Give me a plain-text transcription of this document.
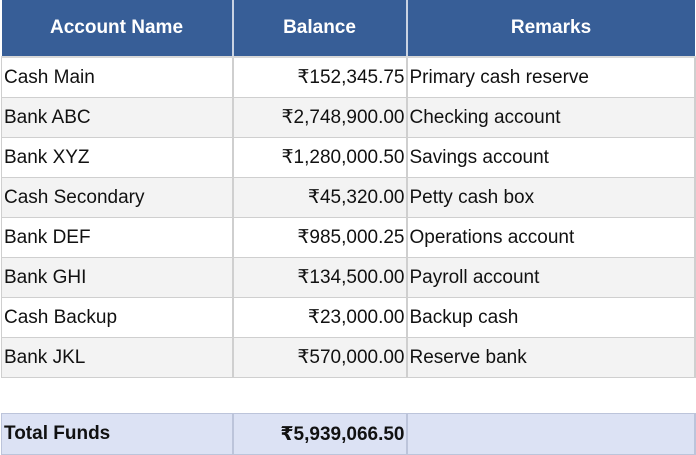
Account Name	Balance	Remarks
Cash Main	₹152,345.75	Primary cash reserve
Bank ABC	₹2,748,900.00	Checking account
Bank XYZ	₹1,280,000.50	Savings account
Cash Secondary	₹45,320.00	Petty cash box
Bank DEF	₹985,000.25	Operations account
Bank GHI	₹134,500.00	Payroll account
Cash Backup	₹23,000.00	Backup cash
Bank JKL	₹570,000.00	Reserve bank
Total Funds	₹5,939,066.50	
